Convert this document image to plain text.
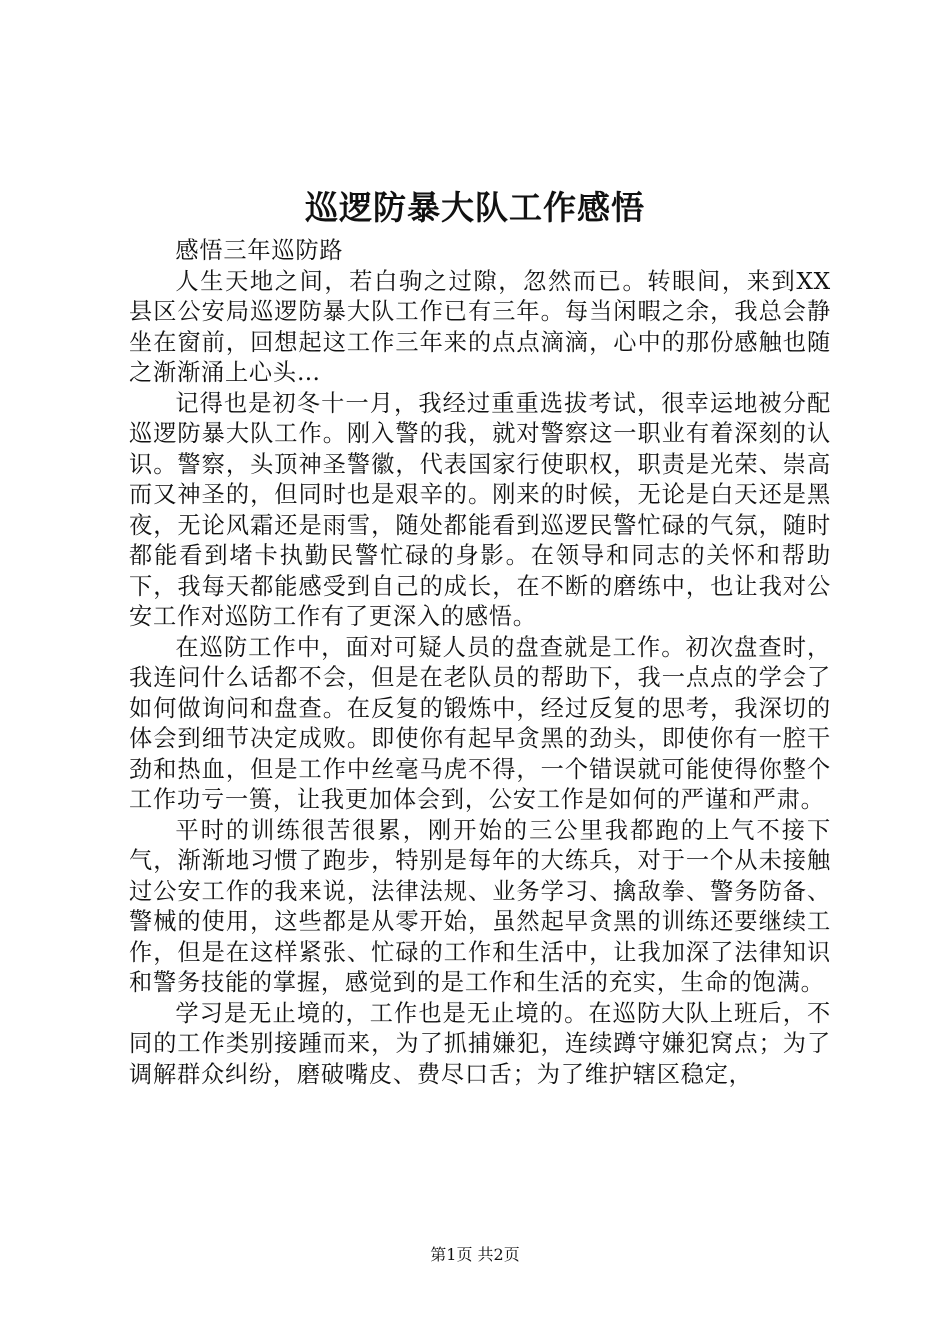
巡逻防暴大队工作感悟

感悟三年巡防路

人生天地之间，若白驹之过隙，忽然而已。转眼间，来到XX县区公安局巡逻防暴大队工作已有三年。每当闲暇之余，我总会静坐在窗前，回想起这工作三年来的点点滴滴，心中的那份感触也随之渐渐涌上心头…

记得也是初冬十一月，我经过重重选拔考试，很幸运地被分配巡逻防暴大队工作。刚入警的我，就对警察这一职业有着深刻的认识。警察，头顶神圣警徽，代表国家行使职权，职责是光荣、崇高而又神圣的，但同时也是艰辛的。刚来的时候，无论是白天还是黑夜，无论风霜还是雨雪，随处都能看到巡逻民警忙碌的气氛，随时都能看到堵卡执勤民警忙碌的身影。在领导和同志的关怀和帮助下，我每天都能感受到自己的成长，在不断的磨练中，也让我对公安工作对巡防工作有了更深入的感悟。

在巡防工作中，面对可疑人员的盘查就是工作。初次盘查时，我连问什么话都不会，但是在老队员的帮助下，我一点点的学会了如何做询问和盘查。在反复的锻炼中，经过反复的思考，我深切的体会到细节决定成败。即使你有起早贪黑的劲头，即使你有一腔干劲和热血，但是工作中丝毫马虎不得，一个错误就可能使得你整个工作功亏一篑，让我更加体会到，公安工作是如何的严谨和严肃。

平时的训练很苦很累，刚开始的三公里我都跑的上气不接下气，渐渐地习惯了跑步，特别是每年的大练兵，对于一个从未接触过公安工作的我来说，法律法规、业务学习、擒敌拳、警务防备、警械的使用，这些都是从零开始，虽然起早贪黑的训练还要继续工作，但是在这样紧张、忙碌的工作和生活中，让我加深了法律知识和警务技能的掌握，感觉到的是工作和生活的充实，生命的饱满。

学习是无止境的，工作也是无止境的。在巡防大队上班后，不同的工作类别接踵而来，为了抓捕嫌犯，连续蹲守嫌犯窝点；为了调解群众纠纷，磨破嘴皮、费尽口舌；为了维护辖区稳定，

第1页 共2页
